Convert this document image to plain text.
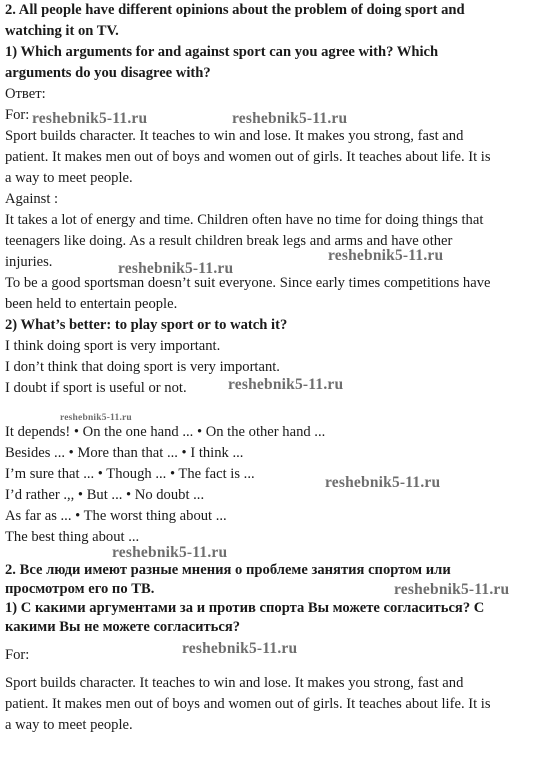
2. All people have different opinions about the problem of doing sport and

watching it on TV.

1) Which arguments for and against sport can you agree with? Which

arguments do you disagree with?

Ответ:

For:

Sport builds character. It teaches to win and lose. It makes you strong, fast and

patient. It makes men out of boys and women out of girls. It teaches about life. It is

a way to meet people.

Against :

It takes a lot of energy and time. Children often have no time for doing things that

teenagers like doing. As a result children break legs and arms and have other

injuries.

To be a good sportsman doesn’t suit everyone. Since early times competitions have

been held to entertain people.

2) What’s better: to play sport or to watch it?

I think doing sport is very important.

I don’t think that doing sport is very important.

I doubt if sport is useful or not.

It depends! • On the one hand ... • On the other hand ...

Besides ... • More than that ... • I think ...

I’m sure that ... • Though ... • The fact is ...

I’d rather .,, • But ... • No doubt ...

As far as ... • The worst thing about ...

The best thing about ...

2. Все люди имеют разные мнения о проблеме занятия спортом или

просмотром его по ТВ.

1) С какими аргументами за и против спорта Вы можете согласиться? С

какими Вы не можете согласиться?

For:

Sport builds character. It teaches to win and lose. It makes you strong, fast and

patient. It makes men out of boys and women out of girls. It teaches about life. It is

a way to meet people.

reshebnik5-11.ru	reshebnik5-11.ru

reshebnik5-11.ru

reshebnik5-11.ru

reshebnik5-11.ru

reshebnik5-11.ru

reshebnik5-11.ru

reshebnik5-11.ru

reshebnik5-11.ru

reshebnik5-11.ru
